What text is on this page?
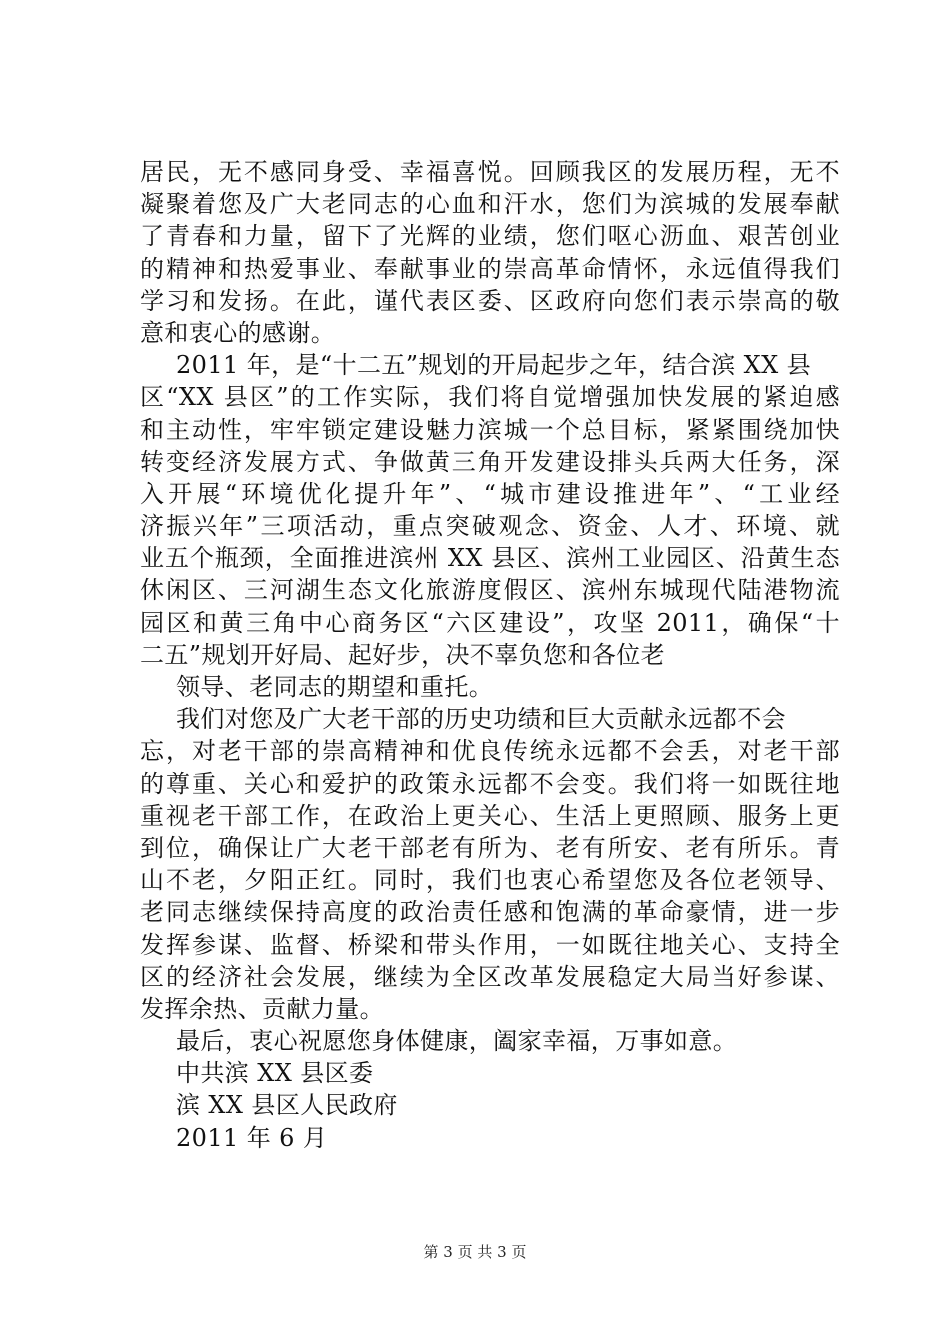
居民，无不感同身受、幸福喜悦。回顾我区的发展历程，无不
凝聚着您及广大老同志的心血和汗水，您们为滨城的发展奉献
了青春和力量，留下了光辉的业绩，您们呕心沥血、艰苦创业
的精神和热爱事业、奉献事业的崇高革命情怀，永远值得我们
学习和发扬。在此，谨代表区委、区政府向您们表示崇高的敬
意和衷心的感谢。
2011 年，是“十二五”规划的开局起步之年，结合滨 XX 县
区“XX 县区”的工作实际，我们将自觉增强加快发展的紧迫感
和主动性，牢牢锁定建设魅力滨城一个总目标，紧紧围绕加快
转变经济发展方式、争做黄三角开发建设排头兵两大任务，深
入开展“环境优化提升年”、“城市建设推进年”、“工业经
济振兴年”三项活动，重点突破观念、资金、人才、环境、就
业五个瓶颈，全面推进滨州 XX 县区、滨州工业园区、沿黄生态
休闲区、三河湖生态文化旅游度假区、滨州东城现代陆港物流
园区和黄三角中心商务区“六区建设”，攻坚 2011，确保“十
二五”规划开好局、起好步，决不辜负您和各位老
领导、老同志的期望和重托。
我们对您及广大老干部的历史功绩和巨大贡献永远都不会
忘，对老干部的崇高精神和优良传统永远都不会丢，对老干部
的尊重、关心和爱护的政策永远都不会变。我们将一如既往地
重视老干部工作，在政治上更关心、生活上更照顾、服务上更
到位，确保让广大老干部老有所为、老有所安、老有所乐。青
山不老，夕阳正红。同时，我们也衷心希望您及各位老领导、
老同志继续保持高度的政治责任感和饱满的革命豪情，进一步
发挥参谋、监督、桥梁和带头作用，一如既往地关心、支持全
区的经济社会发展，继续为全区改革发展稳定大局当好参谋、
发挥余热、贡献力量。
最后，衷心祝愿您身体健康，阖家幸福，万事如意。
中共滨 XX 县区委
滨 XX 县区人民政府
2011 年 6 月
第 3 页 共 3 页
